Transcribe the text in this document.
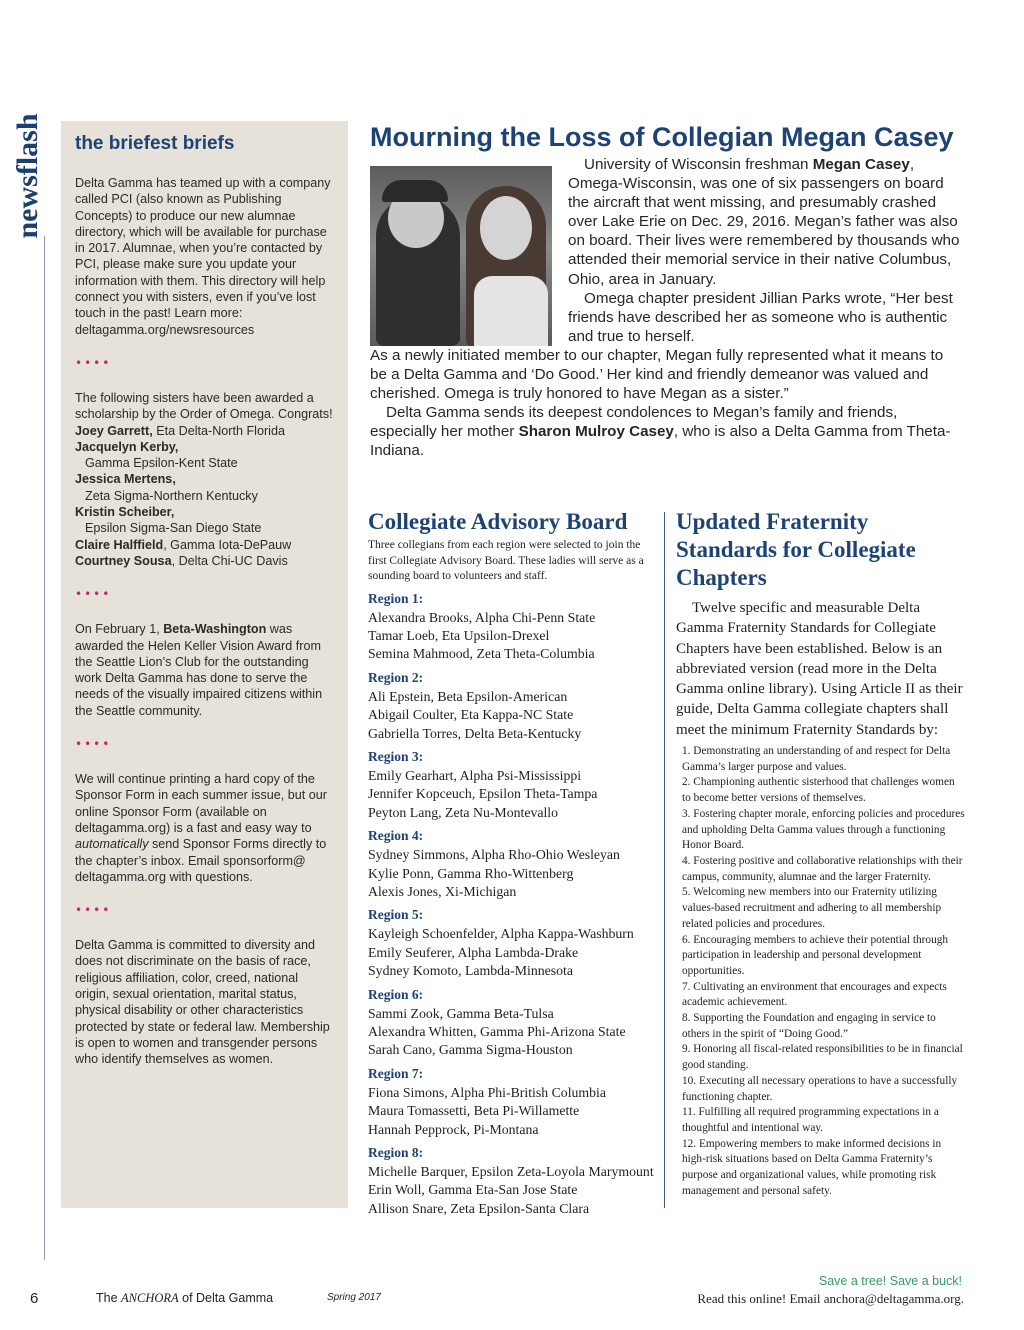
newsflash the briefest briefs

Delta Gamma has teamed up with a company called PCI (also known as Publishing Concepts) to produce our new alumnae directory, which will be available for purchase in 2017. Alumnae, when you’re contacted by PCI, please make sure you update your information with them. This directory will help connect you with sisters, even if you’ve lost touch in the past! Learn more: deltagamma.org/newsresources

••••

The following sisters have been awarded a scholarship by the Order of Omega. Congrats!

Joey Garrett, Eta Delta-North Florida

Jacquelyn Kerby,
Gamma Epsilon-Kent State

Jessica Mertens,
Zeta Sigma-Northern Kentucky

Kristin Scheiber,
Epsilon Sigma-San Diego State

Claire Halffield, Gamma Iota-DePauw

Courtney Sousa, Delta Chi-UC Davis

••••

On February 1, Beta-Washington was awarded the Helen Keller Vision Award from the Seattle Lion’s Club for the outstanding work Delta Gamma has done to serve the needs of the visually impaired citizens within the Seattle community.

••••

We will continue printing a hard copy of the Sponsor Form in each summer issue, but our online Sponsor Form (available on deltagamma.org) is a fast and easy way to automatically send Sponsor Forms directly to the chapter’s inbox. Email sponsorform@ deltagamma.org with questions.

••••

Delta Gamma is committed to diversity and does not discriminate on the basis of race, religious affiliation, color, creed, national origin, sexual orientation, marital status, physical disability or other characteristics protected by state or federal law. Membership is open to women and transgender persons who identify themselves as women.

Mourning the Loss of Collegian Megan Casey

University of Wisconsin freshman Megan Casey, Omega-Wisconsin, was one of six passengers on board the aircraft that went missing, and presumably crashed over Lake Erie on Dec. 29, 2016. Megan’s father was also on board. Their lives were remembered by thousands who attended their memorial service in their native Columbus, Ohio, area in January.

Omega chapter president Jillian Parks wrote, “Her best friends have described her as someone who is authentic and true to herself.

As a newly initiated member to our chapter, Megan fully represented what it means to be a Delta Gamma and ‘Do Good.’ Her kind and friendly demeanor was valued and cherished. Omega is truly honored to have Megan as a sister.”

Delta Gamma sends its deepest condolences to Megan’s family and friends, especially her mother Sharon Mulroy Casey, who is also a Delta Gamma from Theta-Indiana.

Collegiate Advisory Board
Three collegians from each region were selected to join the first Collegiate Advisory Board. These ladies will serve as a sounding board to volunteers and staff.
Region 1:
Alexandra Brooks, Alpha Chi-Penn State
Tamar Loeb, Eta Upsilon-Drexel
Semina Mahmood, Zeta Theta-Columbia
Region 2:
Ali Epstein, Beta Epsilon-American
Abigail Coulter, Eta Kappa-NC State
Gabriella Torres, Delta Beta-Kentucky
Region 3:
Emily Gearhart, Alpha Psi-Mississippi
Jennifer Kopceuch, Epsilon Theta-Tampa
Peyton Lang, Zeta Nu-Montevallo
Region 4:
Sydney Simmons, Alpha Rho-Ohio Wesleyan
Kylie Ponn, Gamma Rho-Wittenberg
Alexis Jones, Xi-Michigan
Region 5:
Kayleigh Schoenfelder, Alpha Kappa-Washburn
Emily Seuferer, Alpha Lambda-Drake
Sydney Komoto, Lambda-Minnesota
Region 6:
Sammi Zook, Gamma Beta-Tulsa
Alexandra Whitten, Gamma Phi-Arizona State
Sarah Cano, Gamma Sigma-Houston
Region 7:
Fiona Simons, Alpha Phi-British Columbia
Maura Tomassetti, Beta Pi-Willamette
Hannah Pepprock, Pi-Montana
Region 8:
Michelle Barquer, Epsilon Zeta-Loyola Marymount
Erin Woll, Gamma Eta-San Jose State
Allison Snare, Zeta Epsilon-Santa Clara
Updated Fraternity Standards for Collegiate Chapters
Twelve specific and measurable Delta Gamma Fraternity Standards for Collegiate Chapters have been established. Below is an abbreviated version (read more in the Delta Gamma online library). Using Article II as their guide, Delta Gamma collegiate chapters shall meet the minimum Fraternity Standards by:
1. Demonstrating an understanding of and respect for Delta Gamma’s larger purpose and values.
2. Championing authentic sisterhood that challenges women to become better versions of themselves.
3. Fostering chapter morale, enforcing policies and procedures and upholding Delta Gamma values through a functioning Honor Board.
4. Fostering positive and collaborative relationships with their campus, community, alumnae and the larger Fraternity.
5. Welcoming new members into our Fraternity utilizing values-based recruitment and adhering to all membership related policies and procedures.
6. Encouraging members to achieve their potential through participation in leadership and personal development opportunities.
7. Cultivating an environment that encourages and expects academic achievement.
8. Supporting the Foundation and engaging in service to others in the spirit of “Doing Good.”
9. Honoring all fiscal-related responsibilities to be in financial good standing.
10. Executing all necessary operations to have a successfully functioning chapter.
11. Fulfilling all required programming expectations in a thoughtful and intentional way.
12. Empowering members to make informed decisions in high-risk situations based on Delta Gamma Fraternity’s purpose and organizational values, while promoting risk management and personal safety.
6	The ANCHORA of Delta Gamma	Spring 2017
Save a tree! Save a buck!
Read this online! Email anchora@deltagamma.org.
